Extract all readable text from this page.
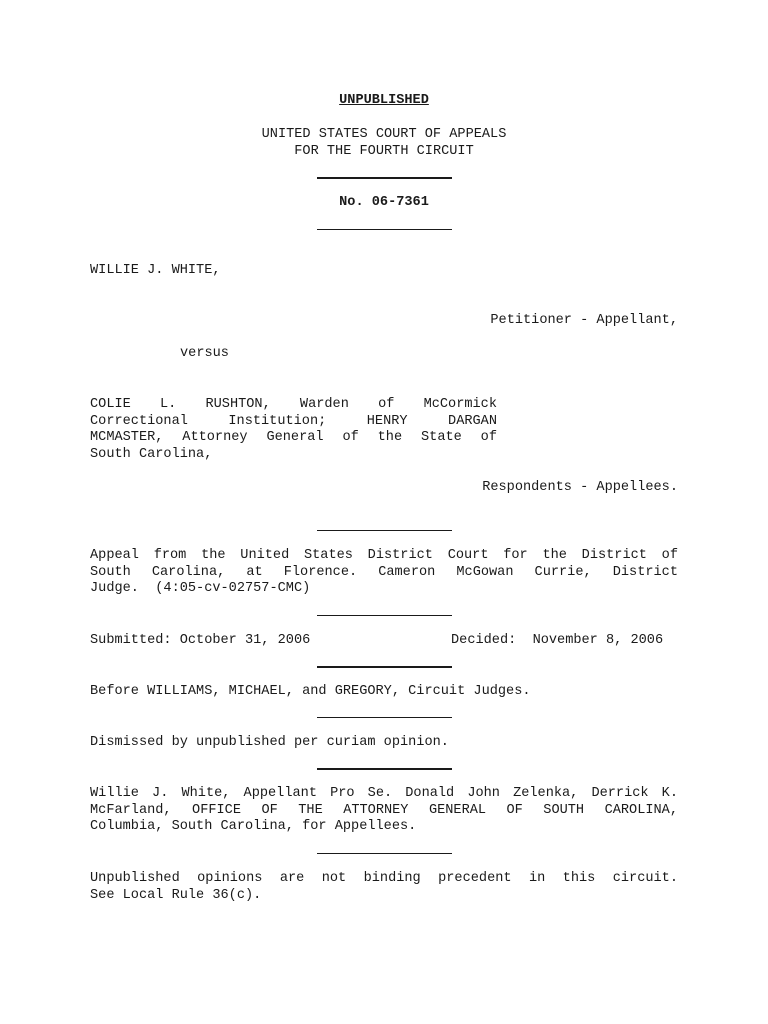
UNPUBLISHED
UNITED STATES COURT OF APPEALS
FOR THE FOURTH CIRCUIT
No. 06-7361
WILLIE J. WHITE,
Petitioner - Appellant,
versus
COLIE L. RUSHTON, Warden of McCormick
Correctional Institution; HENRY DARGAN
MCMASTER, Attorney General of the State of
South Carolina,
Respondents - Appellees.
Appeal from the United States District Court for the District of
South Carolina, at Florence. Cameron McGowan Currie, District
Judge.  (4:05-cv-02757-CMC)
Submitted: October 31, 2006	Decided:  November 8, 2006
Before WILLIAMS, MICHAEL, and GREGORY, Circuit Judges.
Dismissed by unpublished per curiam opinion.
Willie J. White, Appellant Pro Se. Donald John Zelenka, Derrick K.
McFarland, OFFICE OF THE ATTORNEY GENERAL OF SOUTH CAROLINA,
Columbia, South Carolina, for Appellees.
Unpublished opinions are not binding precedent in this circuit.
See Local Rule 36(c).
